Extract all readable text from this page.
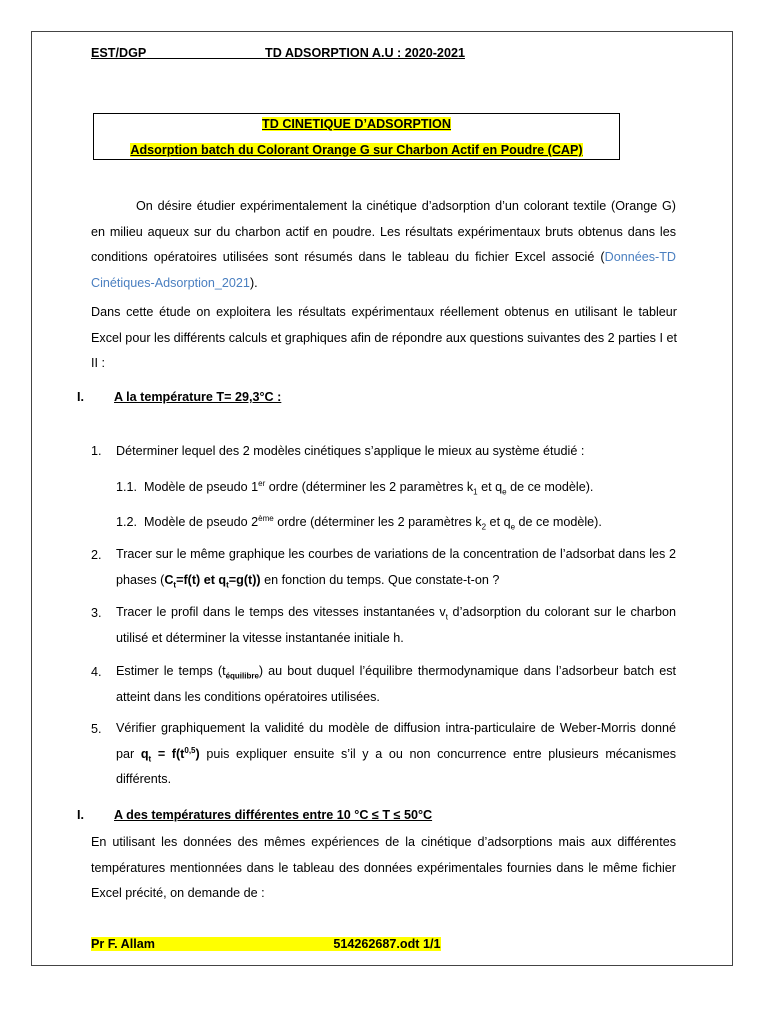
EST/DGP	TD ADSORPTION A.U : 2020-2021
TD CINETIQUE D’ADSORPTION
Adsorption batch du Colorant Orange G sur Charbon Actif en Poudre (CAP)
On désire étudier expérimentalement la cinétique d’adsorption d’un colorant textile (Orange G) en milieu aqueux sur du charbon actif en poudre. Les résultats expérimentaux bruts obtenus dans les conditions opératoires utilisées sont résumés dans le tableau du fichier Excel associé (Données-TD Cinétiques-Adsorption_2021).
Dans cette étude on exploitera les résultats expérimentaux réellement obtenus en utilisant le tableur Excel pour les différents calculs et graphiques afin de répondre aux questions suivantes des 2 parties I et II :
I. A la température T= 29,3°C :
1. Déterminer lequel des 2 modèles cinétiques s’applique le mieux au système étudié :
1.1. Modèle de pseudo 1er ordre (déterminer les 2 paramètres $k_1$ et $q_e$ de ce modèle).
1.2. Modèle de pseudo 2ème ordre (déterminer les 2 paramètres $k_2$ et $q_e$ de ce modèle).
2. Tracer sur le même graphique les courbes de variations de la concentration de l’adsorbat dans les 2 phases ($C_t=f(t)$ et $q_t=g(t)$) en fonction du temps. Que constate-t-on ?
3. Tracer le profil dans le temps des vitesses instantanées $v_t$ d’adsorption du colorant sur le charbon utilisé et déterminer la vitesse instantanée initiale h.
4. Estimer le temps $(t_{équilibre})$ au bout duquel l’équilibre thermodynamique dans l’adsorbeur batch est atteint dans les conditions opératoires utilisées.
5. Vérifier graphiquement la validité du modèle de diffusion intra-particulaire de Weber-Morris donné par $q_t = f(t^{0,5})$ puis expliquer ensuite s’il y a ou non concurrence entre plusieurs mécanismes différents.
I. A des températures différentes entre 10 °C ≤ T ≤ 50°C
En utilisant les données des mêmes expériences de la cinétique d’adsorptions mais aux différentes températures mentionnées dans le tableau des données expérimentales fournies dans le même fichier Excel précité, on demande de :
Pr F. Allam	514262687.odt 1/1
